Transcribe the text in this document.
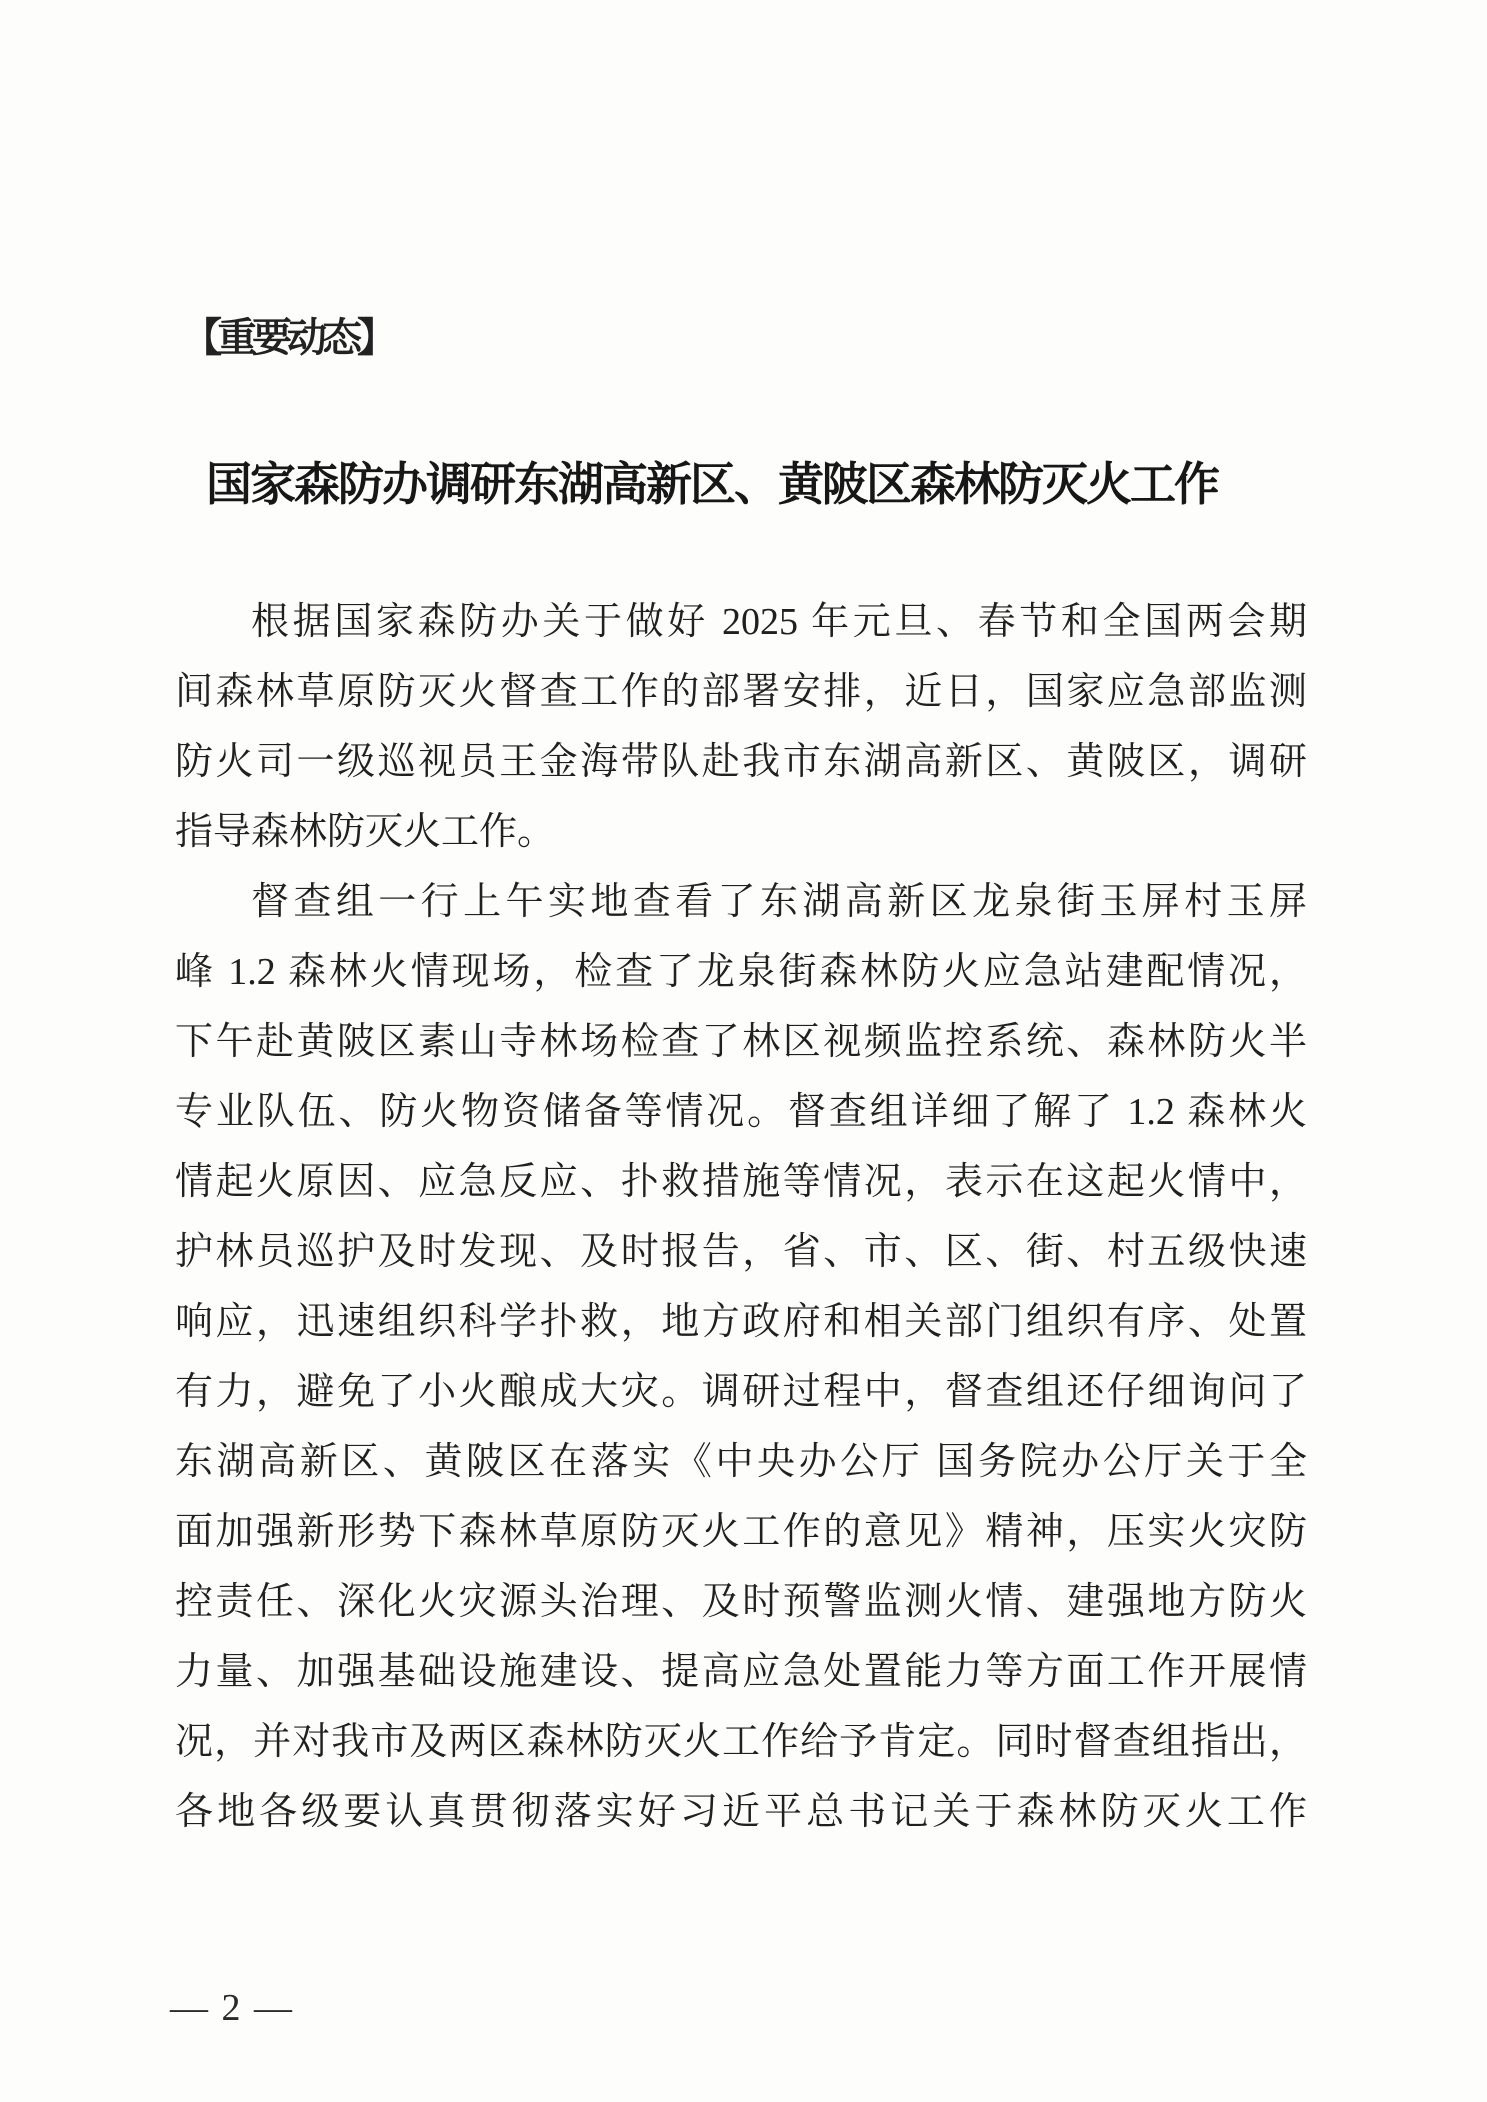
【重要动态】
国家森防办调研东湖高新区、黄陂区森林防灭火工作
根据国家森防办关于做好 2025 年元旦、春节和全国两会期
间森林草原防灭火督查工作的部署安排，近日，国家应急部监测
防火司一级巡视员王金海带队赴我市东湖高新区、黄陂区，调研
指导森林防灭火工作。
督查组一行上午实地查看了东湖高新区龙泉街玉屏村玉屏
峰 1.2 森林火情现场，检查了龙泉街森林防火应急站建配情况，
下午赴黄陂区素山寺林场检查了林区视频监控系统、森林防火半
专业队伍、防火物资储备等情况。督查组详细了解了 1.2 森林火
情起火原因、应急反应、扑救措施等情况，表示在这起火情中，
护林员巡护及时发现、及时报告，省、市、区、街、村五级快速
响应，迅速组织科学扑救，地方政府和相关部门组织有序、处置
有力，避免了小火酿成大灾。调研过程中，督查组还仔细询问了
东湖高新区、黄陂区在落实《中央办公厅 国务院办公厅关于全
面加强新形势下森林草原防灭火工作的意见》精神，压实火灾防
控责任、深化火灾源头治理、及时预警监测火情、建强地方防火
力量、加强基础设施建设、提高应急处置能力等方面工作开展情
况，并对我市及两区森林防灭火工作给予肯定。同时督查组指出，
各地各级要认真贯彻落实好习近平总书记关于森林防灭火工作
— 2 —
